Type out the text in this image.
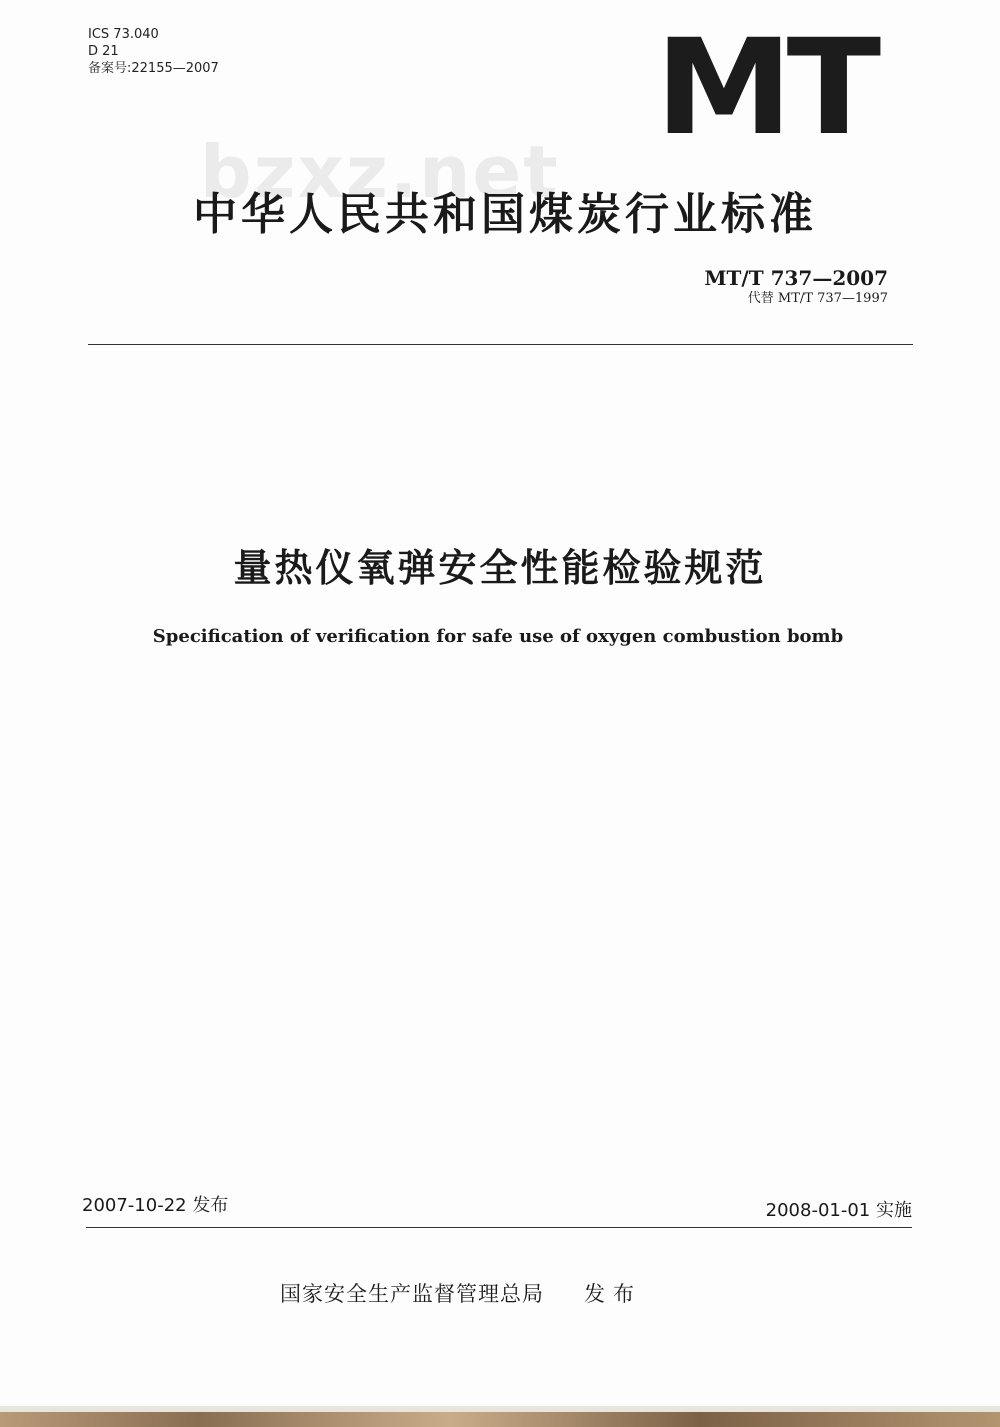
ICS 73.040
D 21
备案号:22155—2007	MT
bzxz.net
中华人民共和国煤炭行业标准
MT/T 737—2007
代替 MT/T 737—1997
量热仪氧弹安全性能检验规范
Specification of verification for safe use of oxygen combustion bomb
2007-10-22 发布	2008-01-01 实施
国家安全生产监督管理总局 发布
